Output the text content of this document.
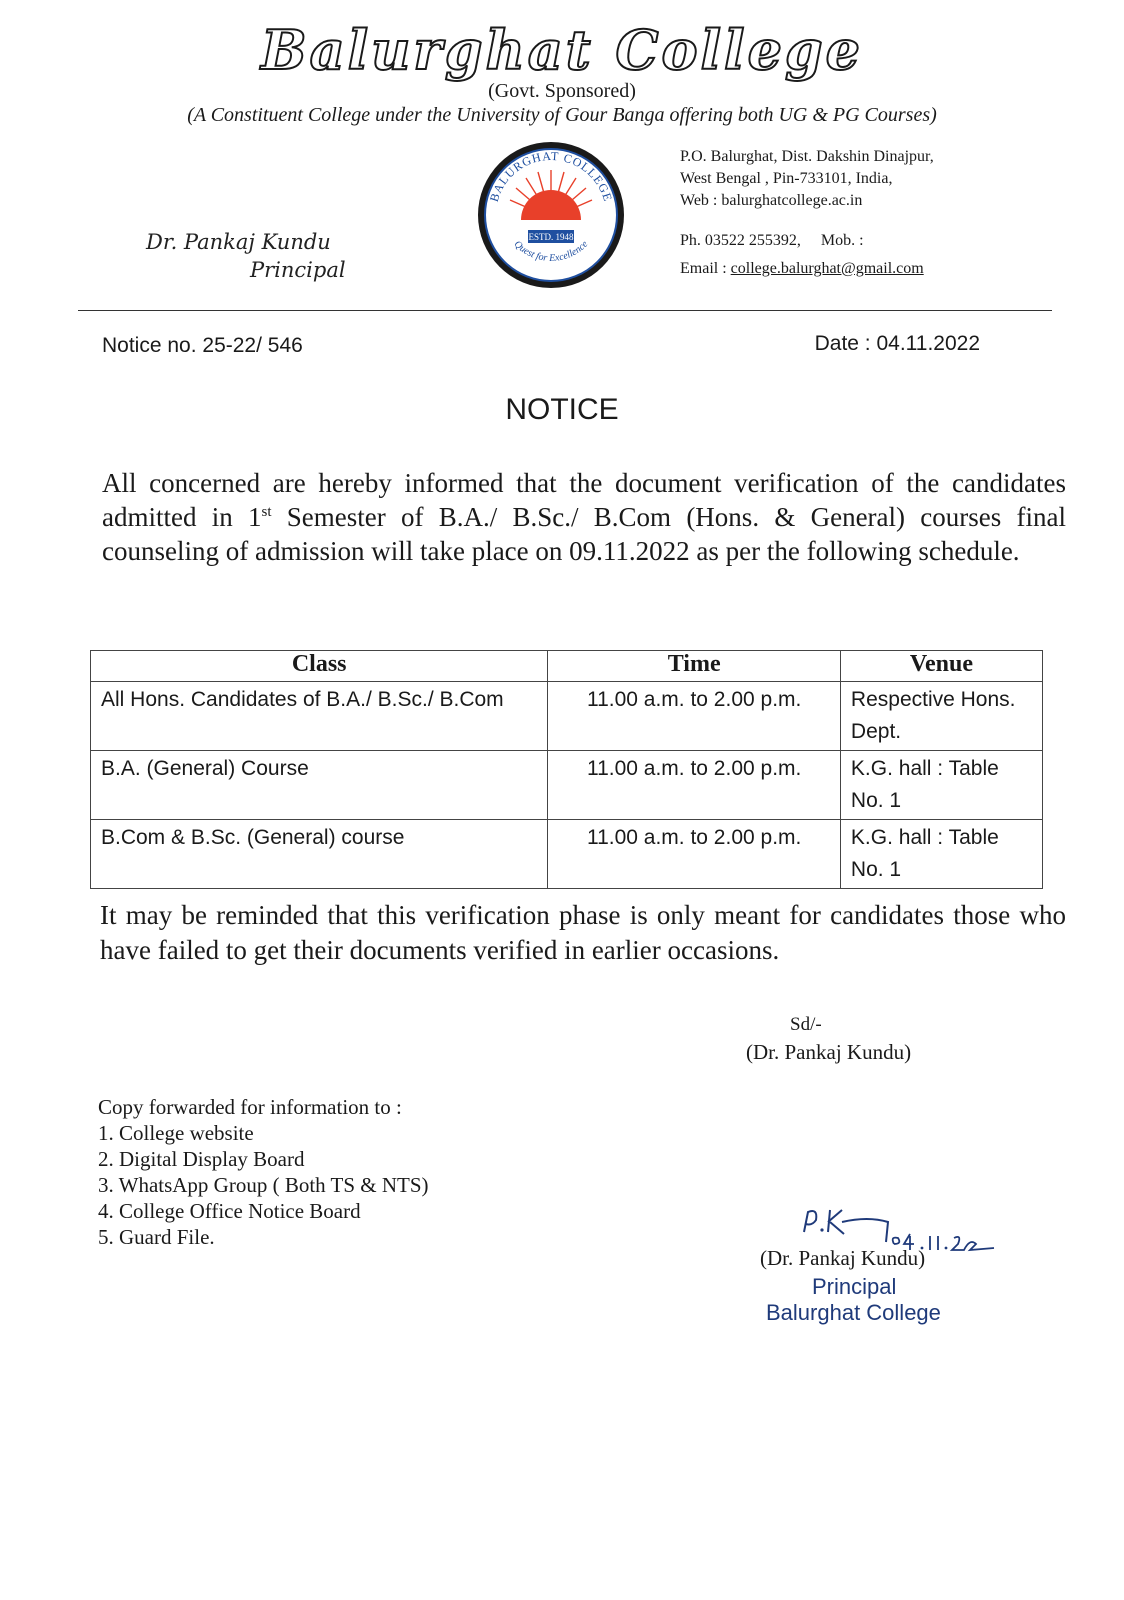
Balurghat College
(Govt. Sponsored)
(A Constituent College under the University of Gour Banga offering both UG & PG Courses)
Dr. Pankaj Kundu
Principal
ESTD. 1948
BALURGHAT COLLEGE
Quest for Excellence
P.O. Balurghat, Dist. Dakshin Dinajpur,
West Bengal , Pin-733101, India,
Web : balurghatcollege.ac.in
Ph. 03522 255392, Mob. :
Email : college.balurghat@gmail.com
Notice no. 25-22/ 546	Date : 04.11.2022
NOTICE
All concerned are hereby informed that the document verification of the candidates admitted in 1st Semester of B.A./ B.Sc./ B.Com (Hons. & General) courses final counseling of admission will take place on 09.11.2022 as per the following schedule.
Class	Time	Venue
All Hons. Candidates of B.A./ B.Sc./ B.Com	11.00 a.m. to 2.00 p.m.	Respective Hons. Dept.
B.A. (General) Course	11.00 a.m. to 2.00 p.m.	K.G. hall : Table No. 1
B.Com & B.Sc. (General) course	11.00 a.m. to 2.00 p.m.	K.G. hall : Table No. 1
It may be reminded that this verification phase is only meant for candidates those who have failed to get their documents verified in earlier occasions.
Sd/-
(Dr. Pankaj Kundu)
Copy forwarded for information to :
1. College website
2. Digital Display Board
3. WhatsApp Group ( Both TS & NTS)
4. College Office Notice Board
5. Guard File.
(Dr. Pankaj Kundu)
Principal
Balurghat College
